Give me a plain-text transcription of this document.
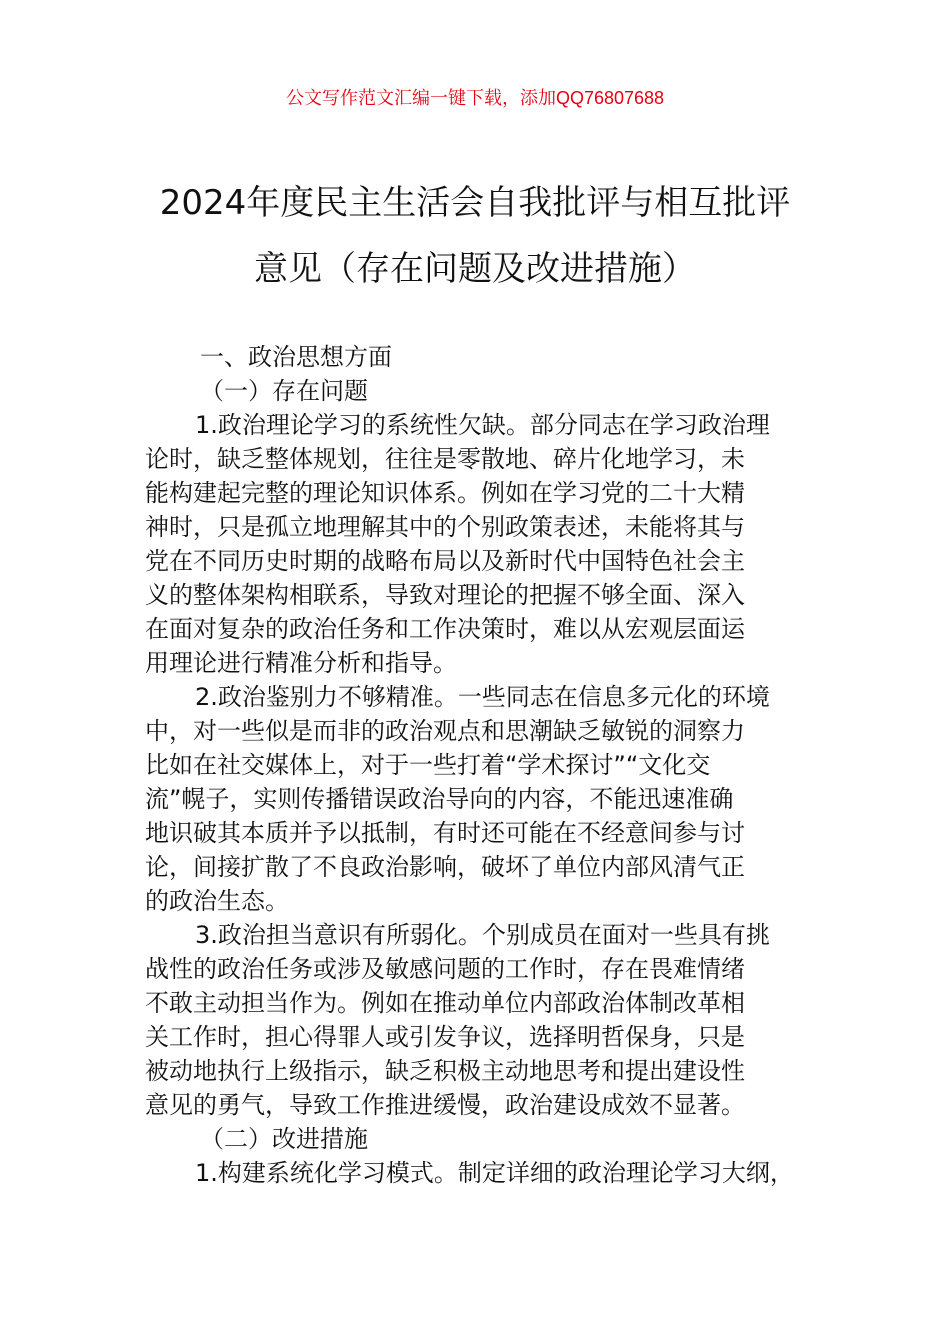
公文写作范文汇编一键下载，添加QQ76807688
2024年度民主生活会自我批评与相互批评
意见（存在问题及改进措施）
一、政治思想方面
（一）存在问题
1.政治理论学习的系统性欠缺。部分同志在学习政治理
论时，缺乏整体规划，往往是零散地、碎片化地学习，未
能构建起完整的理论知识体系。例如在学习党的二十大精
神时，只是孤立地理解其中的个别政策表述，未能将其与
党在不同历史时期的战略布局以及新时代中国特色社会主
义的整体架构相联系，导致对理论的把握不够全面、深入
在面对复杂的政治任务和工作决策时，难以从宏观层面运
用理论进行精准分析和指导。
2.政治鉴别力不够精准。一些同志在信息多元化的环境
中，对一些似是而非的政治观点和思潮缺乏敏锐的洞察力
比如在社交媒体上，对于一些打着“学术探讨”“文化交
流”幌子，实则传播错误政治导向的内容，不能迅速准确
地识破其本质并予以抵制，有时还可能在不经意间参与讨
论，间接扩散了不良政治影响，破坏了单位内部风清气正
的政治生态。
3.政治担当意识有所弱化。个别成员在面对一些具有挑
战性的政治任务或涉及敏感问题的工作时，存在畏难情绪
不敢主动担当作为。例如在推动单位内部政治体制改革相
关工作时，担心得罪人或引发争议，选择明哲保身，只是
被动地执行上级指示，缺乏积极主动地思考和提出建设性
意见的勇气，导致工作推进缓慢，政治建设成效不显著。
（二）改进措施
1.构建系统化学习模式。制定详细的政治理论学习大纲，
